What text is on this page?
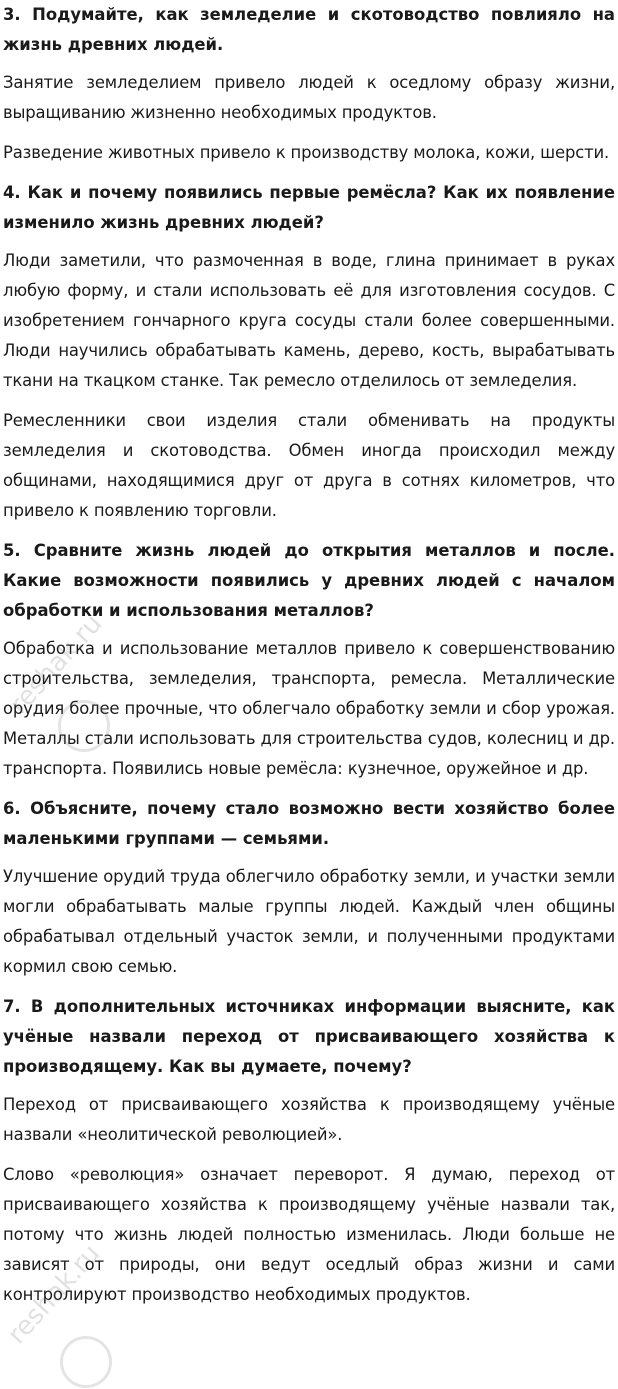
3. Подумайте, как земледелие и скотоводство повлияло на жизнь древних людей.

Занятие земледелием привело людей к оседлому образу жизни, выращиванию жизненно необходимых продуктов.

Разведение животных привело к производству молока, кожи, шерсти.

4. Как и почему появились первые ремёсла? Как их появление изменило жизнь древних людей?

Люди заметили, что размоченная в воде, глина принимает в руках любую форму, и стали использовать её для изготовления сосудов. С изобретением гончарного круга сосуды стали более совершенными. Люди научились обрабатывать камень, дерево, кость, вырабатывать ткани на ткацком станке. Так ремесло отделилось от земледелия.

Ремесленники свои изделия стали обменивать на продукты земледелия и скотоводства. Обмен иногда происходил между общинами, находящимися друг от друга в сотнях километров, что привело к появлению торговли.

5. Сравните жизнь людей до открытия металлов и после. Какие возможности появились у древних людей с началом обработки и использования металлов?

Обработка и использование металлов привело к совершенствованию строительства, земледелия, транспорта, ремесла. Металлические орудия более прочные, что облегчало обработку земли и сбор урожая. Металлы стали использовать для строительства судов, колесниц и др. транспорта. Появились новые ремёсла: кузнечное, оружейное и др.

6. Объясните, почему стало возможно вести хозяйство более маленькими группами — семьями.

Улучшение орудий труда облегчило обработку земли, и участки земли могли обрабатывать малые группы людей. Каждый член общины обрабатывал отдельный участок земли, и полученными продуктами кормил свою семью.

7. В дополнительных источниках информации выясните, как учёные назвали переход от присваивающего хозяйства к производящему. Как вы думаете, почему?

Переход от присваивающего хозяйства к производящему учёные назвали «неолитической революцией».

Слово «революция» означает переворот. Я думаю, переход от присваивающего хозяйства к производящему учёные назвали так, потому что жизнь людей полностью изменилась. Люди больше не зависят от природы, они ведут оседлый образ жизни и сами контролируют производство необходимых продуктов.

reshak.ru
reshak.ru
